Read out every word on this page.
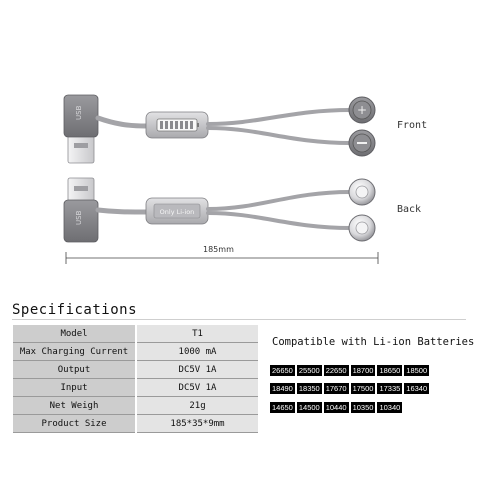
USB	+
USB	Only Li-ion
Front
Back
185mm
Specifications
Model	T1
Max Charging Current	1000 mA
Output	DC5V 1A
Input	DC5V 1A
Net Weigh	21g
Product Size	185*35*9mm
Compatible with Li-ion Batteries
26650 25500 22650 18700 18650 18500
18490 18350 17670 17500 17335 16340
14650 14500 10440 10350 10340
